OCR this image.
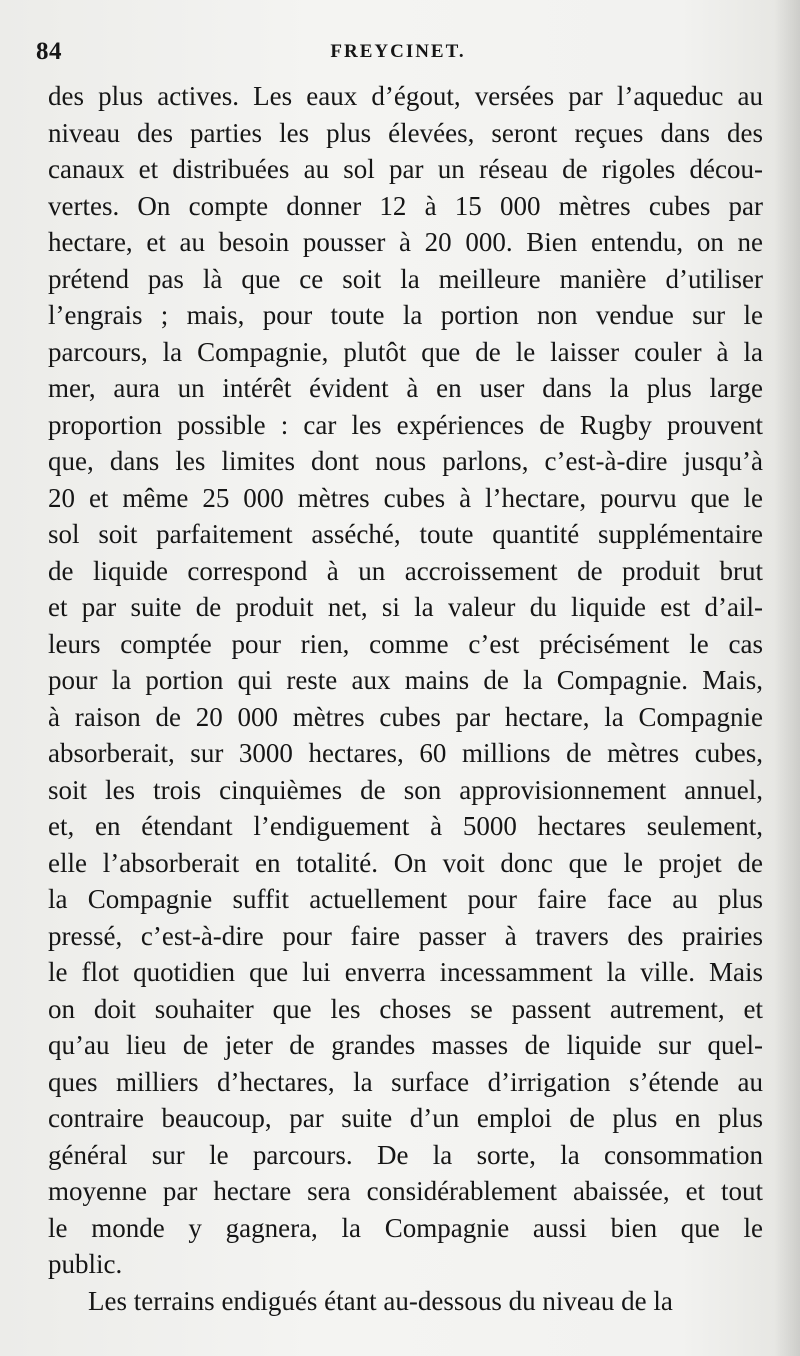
84	FREYCINET.
des plus actives. Les eaux d’égout, versées par l’aqueduc au
niveau des parties les plus élevées, seront reçues dans des
canaux et distribuées au sol par un réseau de rigoles décou-
vertes. On compte donner 12 à 15 000 mètres cubes par
hectare, et au besoin pousser à 20 000. Bien entendu, on ne
prétend pas là que ce soit la meilleure manière d’utiliser
l’engrais ; mais, pour toute la portion non vendue sur le
parcours, la Compagnie, plutôt que de le laisser couler à la
mer, aura un intérêt évident à en user dans la plus large
proportion possible : car les expériences de Rugby prouvent
que, dans les limites dont nous parlons, c’est-à-dire jusqu’à
20 et même 25 000 mètres cubes à l’hectare, pourvu que le
sol soit parfaitement asséché, toute quantité supplémentaire
de liquide correspond à un accroissement de produit brut
et par suite de produit net, si la valeur du liquide est d’ail-
leurs comptée pour rien, comme c’est précisément le cas
pour la portion qui reste aux mains de la Compagnie. Mais,
à raison de 20 000 mètres cubes par hectare, la Compagnie
absorberait, sur 3000 hectares, 60 millions de mètres cubes,
soit les trois cinquièmes de son approvisionnement annuel,
et, en étendant l’endiguement à 5000 hectares seulement,
elle l’absorberait en totalité. On voit donc que le projet de
la Compagnie suffit actuellement pour faire face au plus
pressé, c’est-à-dire pour faire passer à travers des prairies
le flot quotidien que lui enverra incessamment la ville. Mais
on doit souhaiter que les choses se passent autrement, et
qu’au lieu de jeter de grandes masses de liquide sur quel-
ques milliers d’hectares, la surface d’irrigation s’étende au
contraire beaucoup, par suite d’un emploi de plus en plus
général sur le parcours. De la sorte, la consommation
moyenne par hectare sera considérablement abaissée, et tout
le monde y gagnera, la Compagnie aussi bien que le
public.
Les terrains endigués étant au-dessous du niveau de la
